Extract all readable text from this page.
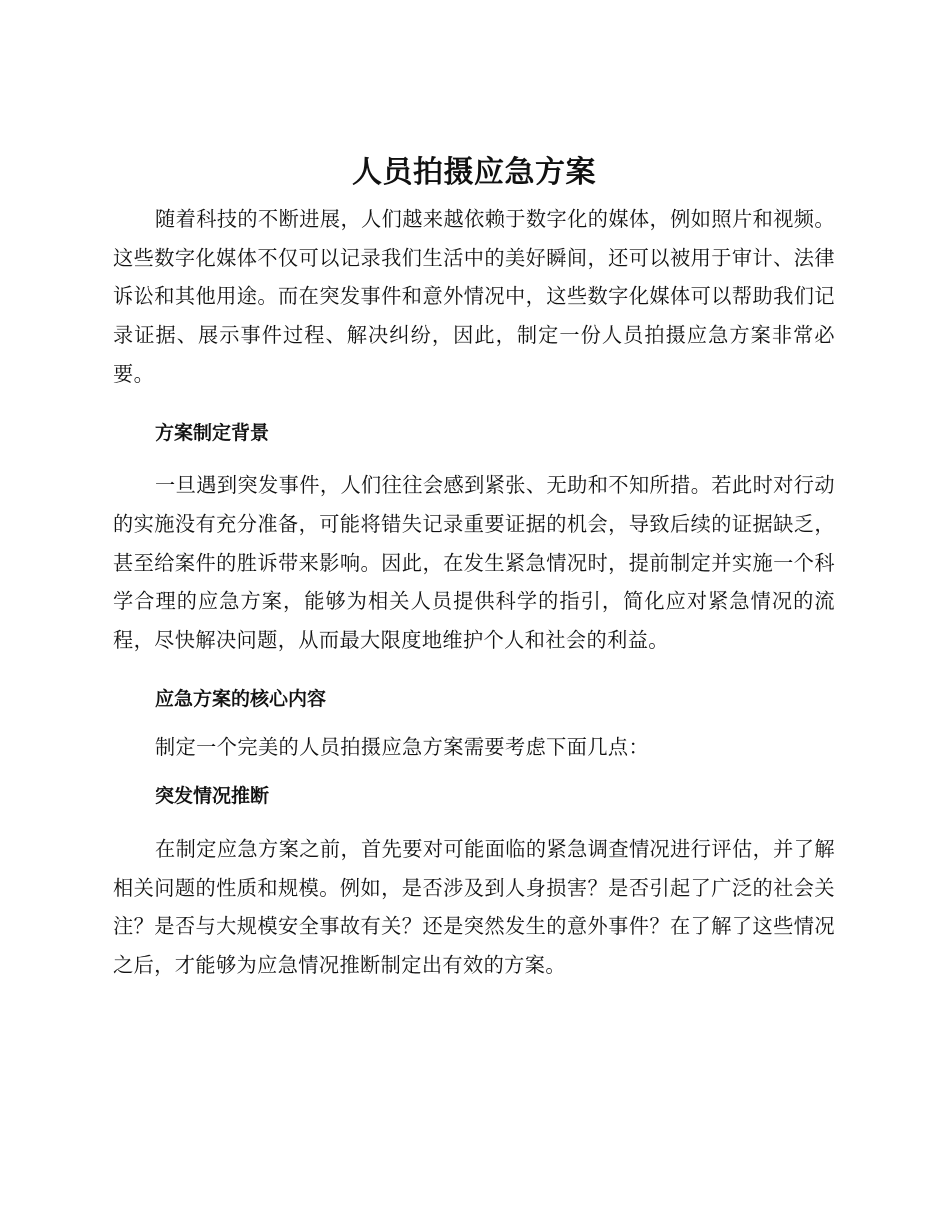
人员拍摄应急方案

随着科技的不断进展，人们越来越依赖于数字化的媒体，例如照片和视频。这些数字化媒体不仅可以记录我们生活中的美好瞬间，还可以被用于审计、法律诉讼和其他用途。而在突发事件和意外情况中，这些数字化媒体可以帮助我们记录证据、展示事件过程、解决纠纷，因此，制定一份人员拍摄应急方案非常必要。

方案制定背景

一旦遇到突发事件，人们往往会感到紧张、无助和不知所措。若此时对行动的实施没有充分准备，可能将错失记录重要证据的机会，导致后续的证据缺乏，甚至给案件的胜诉带来影响。因此，在发生紧急情况时，提前制定并实施一个科学合理的应急方案，能够为相关人员提供科学的指引，简化应对紧急情况的流程，尽快解决问题，从而最大限度地维护个人和社会的利益。

应急方案的核心内容

制定一个完美的人员拍摄应急方案需要考虑下面几点：

突发情况推断

在制定应急方案之前，首先要对可能面临的紧急调查情况进行评估，并了解相关问题的性质和规模。例如，是否涉及到人身损害？是否引起了广泛的社会关注？是否与大规模安全事故有关？还是突然发生的意外事件？在了解了这些情况之后，才能够为应急情况推断制定出有效的方案。
